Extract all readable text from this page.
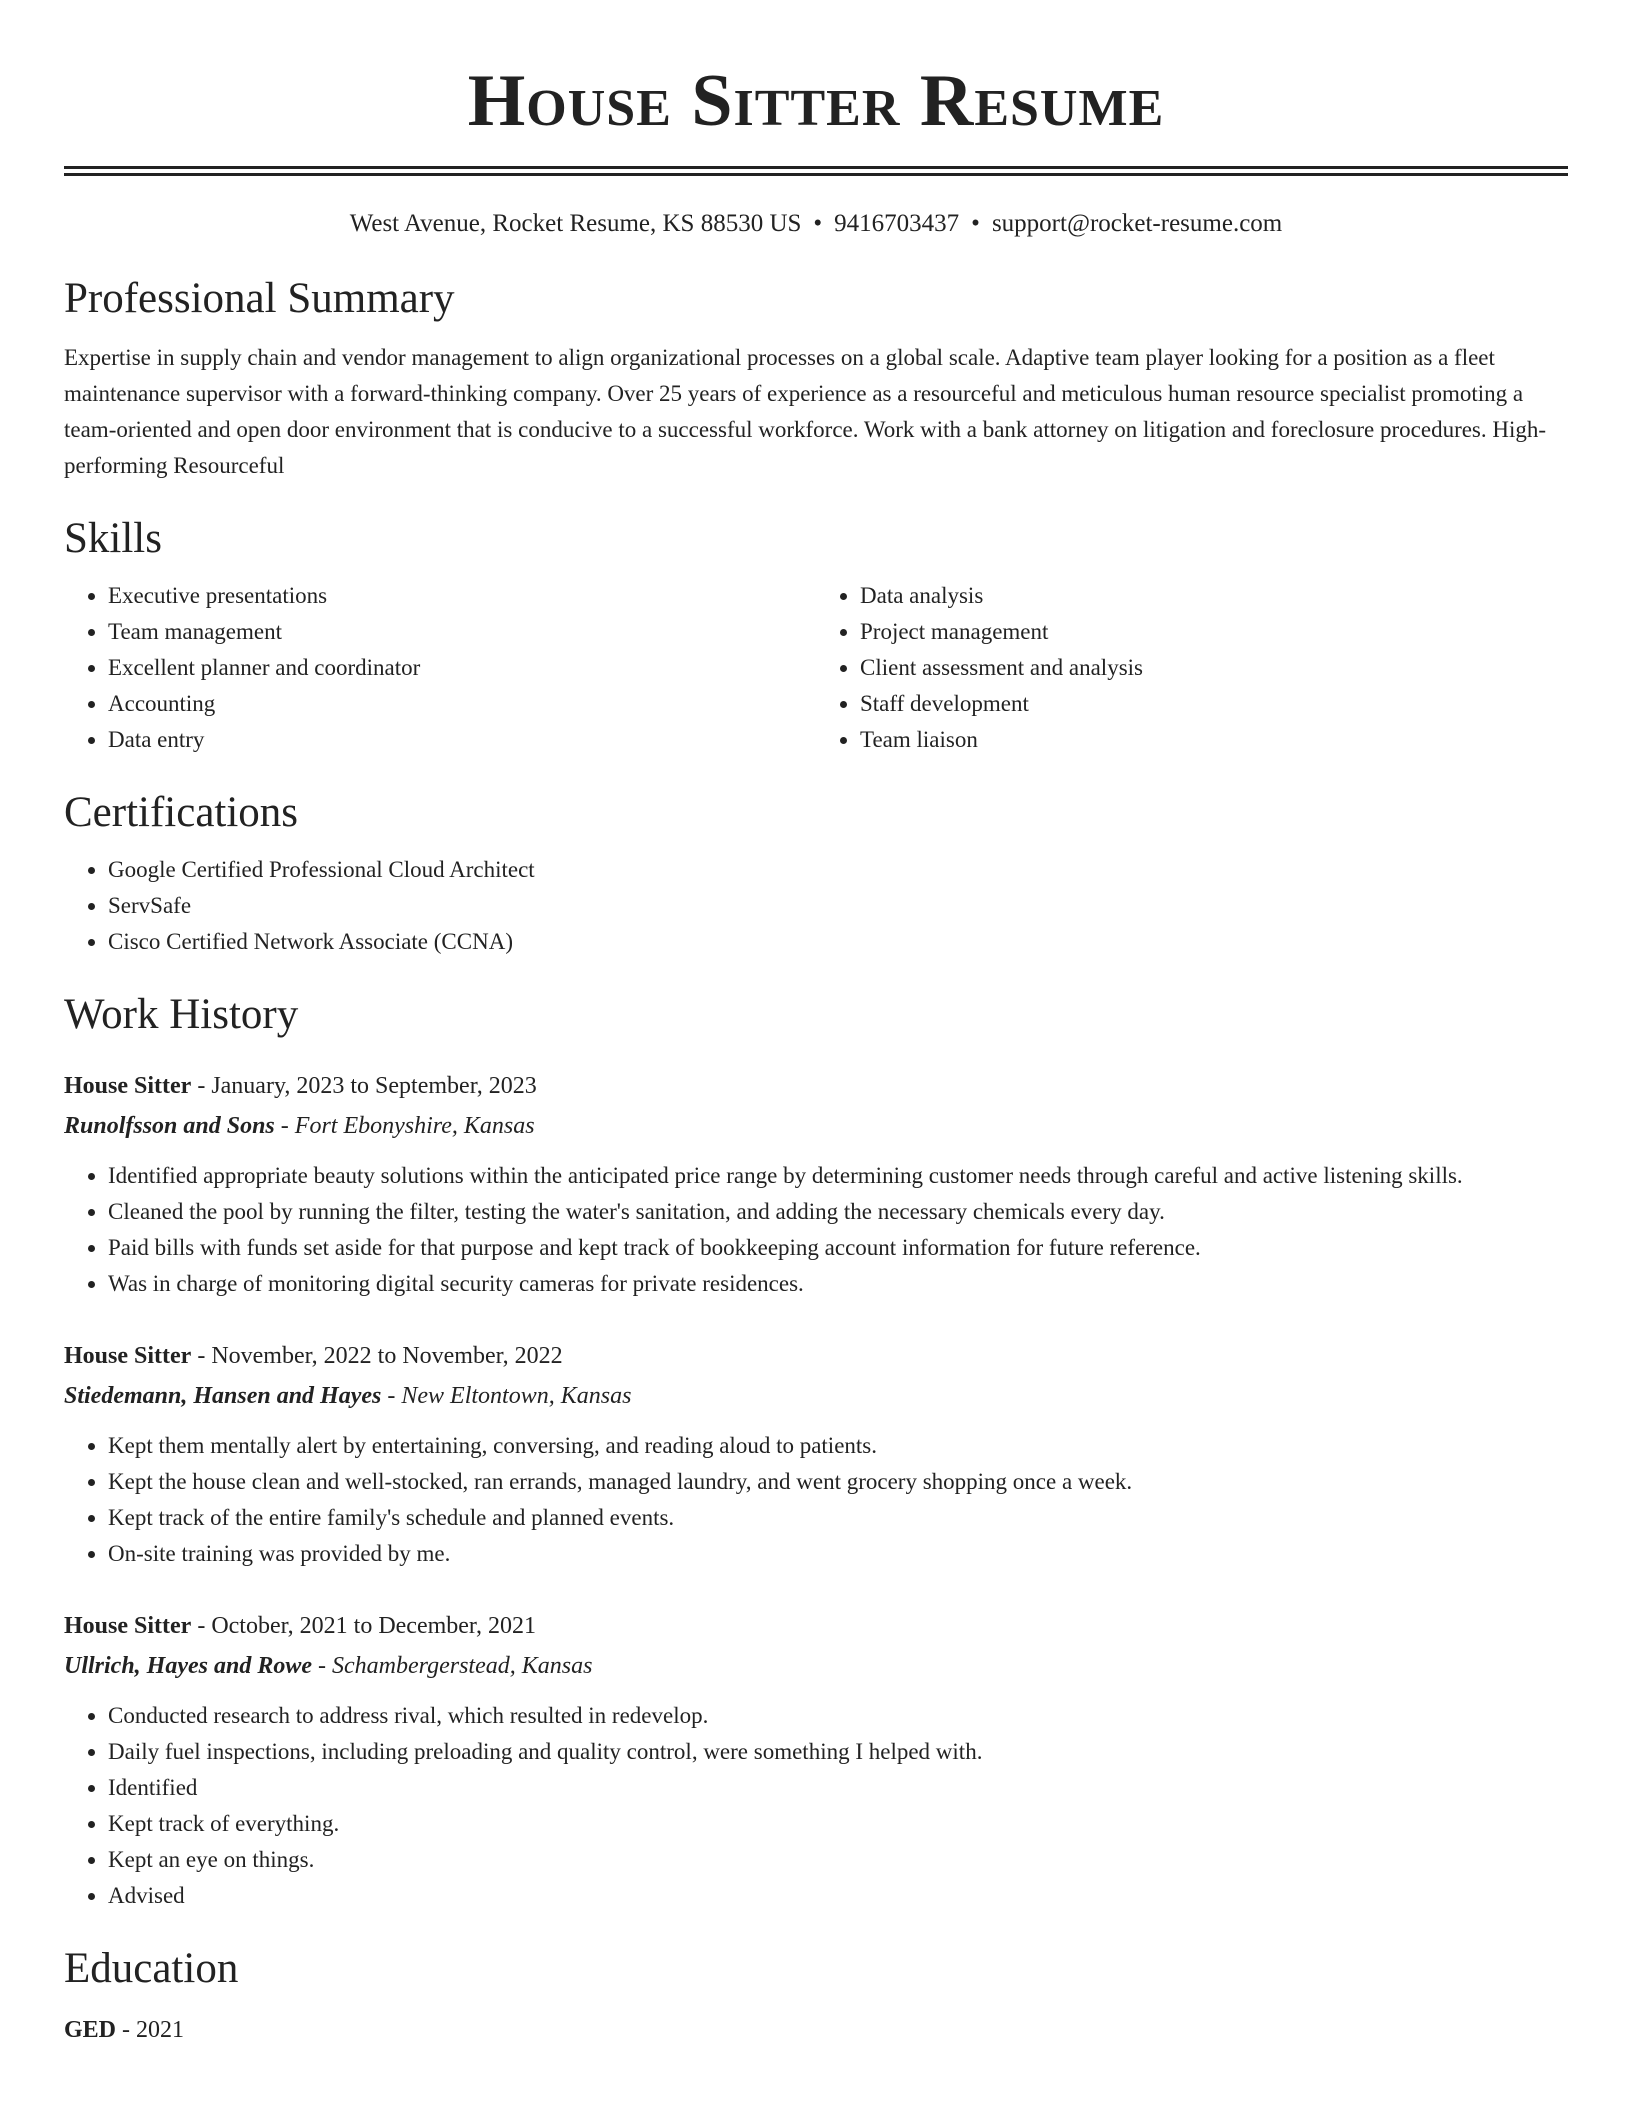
House Sitter Resume
West Avenue, Rocket Resume, KS 88530 US • 9416703437 • support@rocket-resume.com
Professional Summary

Expertise in supply chain and vendor management to align organizational processes on a global scale. Adaptive team player looking for a position as a fleet maintenance supervisor with a forward-thinking company. Over 25 years of experience as a resourceful and meticulous human resource specialist promoting a team-oriented and open door environment that is conducive to a successful workforce. Work with a bank attorney on litigation and foreclosure procedures. High-performing Resourceful

Skills
• Executive presentations
• Team management
• Excellent planner and coordinator
• Accounting
• Data entry
• Data analysis
• Project management
• Client assessment and analysis
• Staff development
• Team liaison
Certifications
• Google Certified Professional Cloud Architect
• ServSafe
• Cisco Certified Network Associate (CCNA)
Work History
House Sitter - January, 2023 to September, 2023
Runolfsson and Sons - Fort Ebonyshire, Kansas
• Identified appropriate beauty solutions within the anticipated price range by determining customer needs through careful and active listening skills.
• Cleaned the pool by running the filter, testing the water's sanitation, and adding the necessary chemicals every day.
• Paid bills with funds set aside for that purpose and kept track of bookkeeping account information for future reference.
• Was in charge of monitoring digital security cameras for private residences.
House Sitter - November, 2022 to November, 2022
Stiedemann, Hansen and Hayes - New Eltontown, Kansas
• Kept them mentally alert by entertaining, conversing, and reading aloud to patients.
• Kept the house clean and well-stocked, ran errands, managed laundry, and went grocery shopping once a week.
• Kept track of the entire family's schedule and planned events.
• On-site training was provided by me.
House Sitter - October, 2021 to December, 2021
Ullrich, Hayes and Rowe - Schambergerstead, Kansas
• Conducted research to address rival, which resulted in redevelop.
• Daily fuel inspections, including preloading and quality control, were something I helped with.
• Identified
• Kept track of everything.
• Kept an eye on things.
• Advised
Education
GED - 2021
